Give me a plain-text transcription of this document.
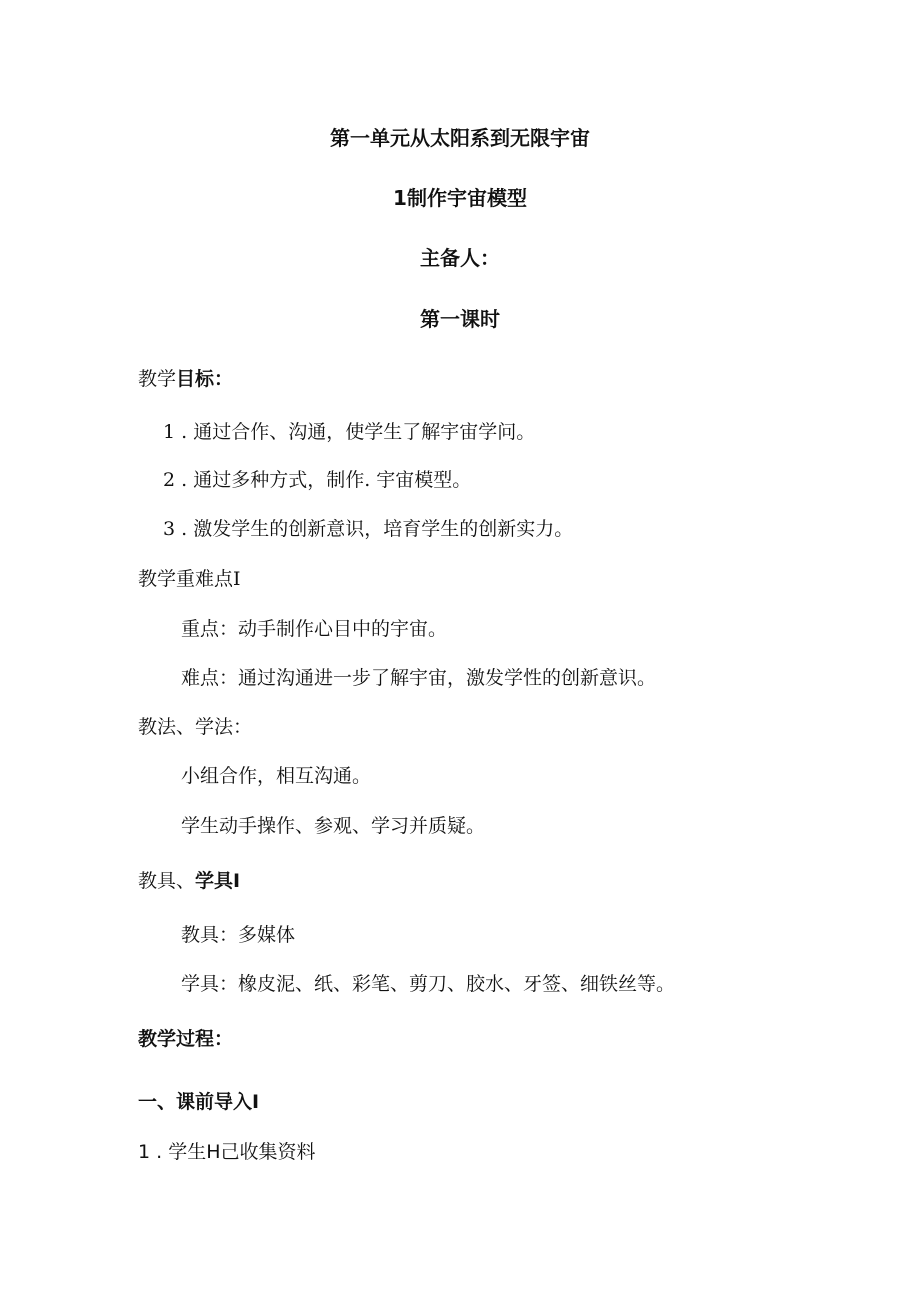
第一单元从太阳系到无限宇宙
1制作宇宙模型
主备人：
第一课时
教学目标：
1 . 通过合作、沟通，使学生了解宇宙学问。
2 . 通过多种方式，制作. 宇宙模型。
3 . 激发学生的创新意识，培育学生的创新实力。
教学重难点I
重点：动手制作心目中的宇宙。
难点：通过沟通进一步了解宇宙，激发学性的创新意识。
教法、学法：
小组合作，相互沟通。
学生动手操作、参观、学习并质疑。
教具、学具I
教具：多媒体
学具：橡皮泥、纸、彩笔、剪刀、胶水、牙签、细铁丝等。
教学过程：
一、课前导入I
1 . 学生H己收集资料
